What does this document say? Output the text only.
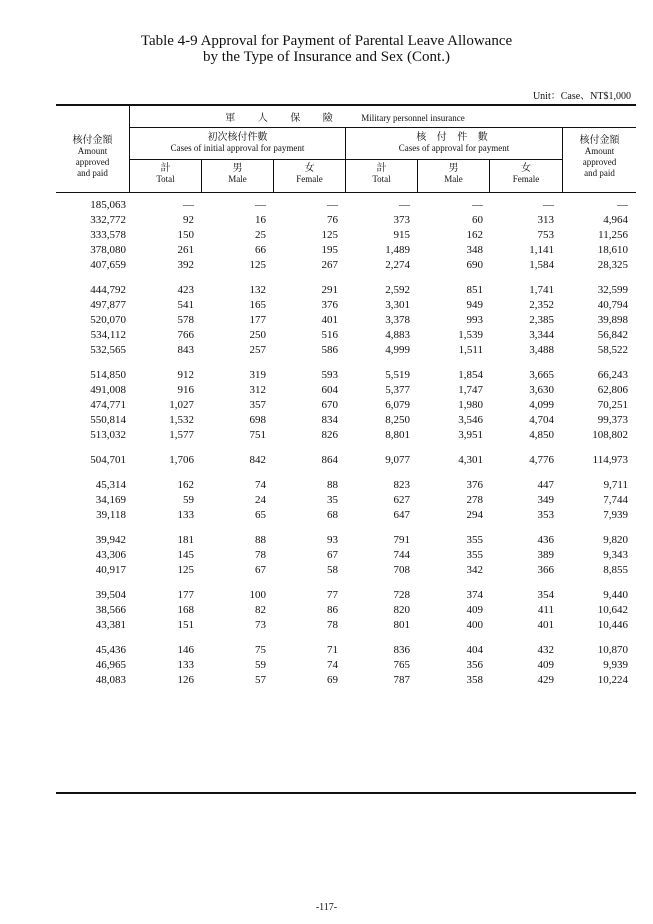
Table 4-9 Approval for Payment of Parental Leave Allowance
by the Type of Insurance and Sex (Cont.)
Unit：Case、NT$1,000
軍 人 保 險 Military personnel insurance
核付金額
Amount
approved
and paid
初次核付件數
Cases of initial approval for payment
核 付 件 數
Cases of approval for payment
核付金額
Amount
approved
and paid
計
Total
男
Male
女
Female
計
Total
男
Male
女
Female
185,063	—	—	—	—	—	—	—
332,772	92	16	76	373	60	313	4,964
333,578	150	25	125	915	162	753	11,256
378,080	261	66	195	1,489	348	1,141	18,610
407,659	392	125	267	2,274	690	1,584	28,325
444,792	423	132	291	2,592	851	1,741	32,599
497,877	541	165	376	3,301	949	2,352	40,794
520,070	578	177	401	3,378	993	2,385	39,898
534,112	766	250	516	4,883	1,539	3,344	56,842
532,565	843	257	586	4,999	1,511	3,488	58,522
514,850	912	319	593	5,519	1,854	3,665	66,243
491,008	916	312	604	5,377	1,747	3,630	62,806
474,771	1,027	357	670	6,079	1,980	4,099	70,251
550,814	1,532	698	834	8,250	3,546	4,704	99,373
513,032	1,577	751	826	8,801	3,951	4,850	108,802
504,701	1,706	842	864	9,077	4,301	4,776	114,973
45,314	162	74	88	823	376	447	9,711
34,169	59	24	35	627	278	349	7,744
39,118	133	65	68	647	294	353	7,939
39,942	181	88	93	791	355	436	9,820
43,306	145	78	67	744	355	389	9,343
40,917	125	67	58	708	342	366	8,855
39,504	177	100	77	728	374	354	9,440
38,566	168	82	86	820	409	411	10,642
43,381	151	73	78	801	400	401	10,446
45,436	146	75	71	836	404	432	10,870
46,965	133	59	74	765	356	409	9,939
48,083	126	57	69	787	358	429	10,224
-117-
